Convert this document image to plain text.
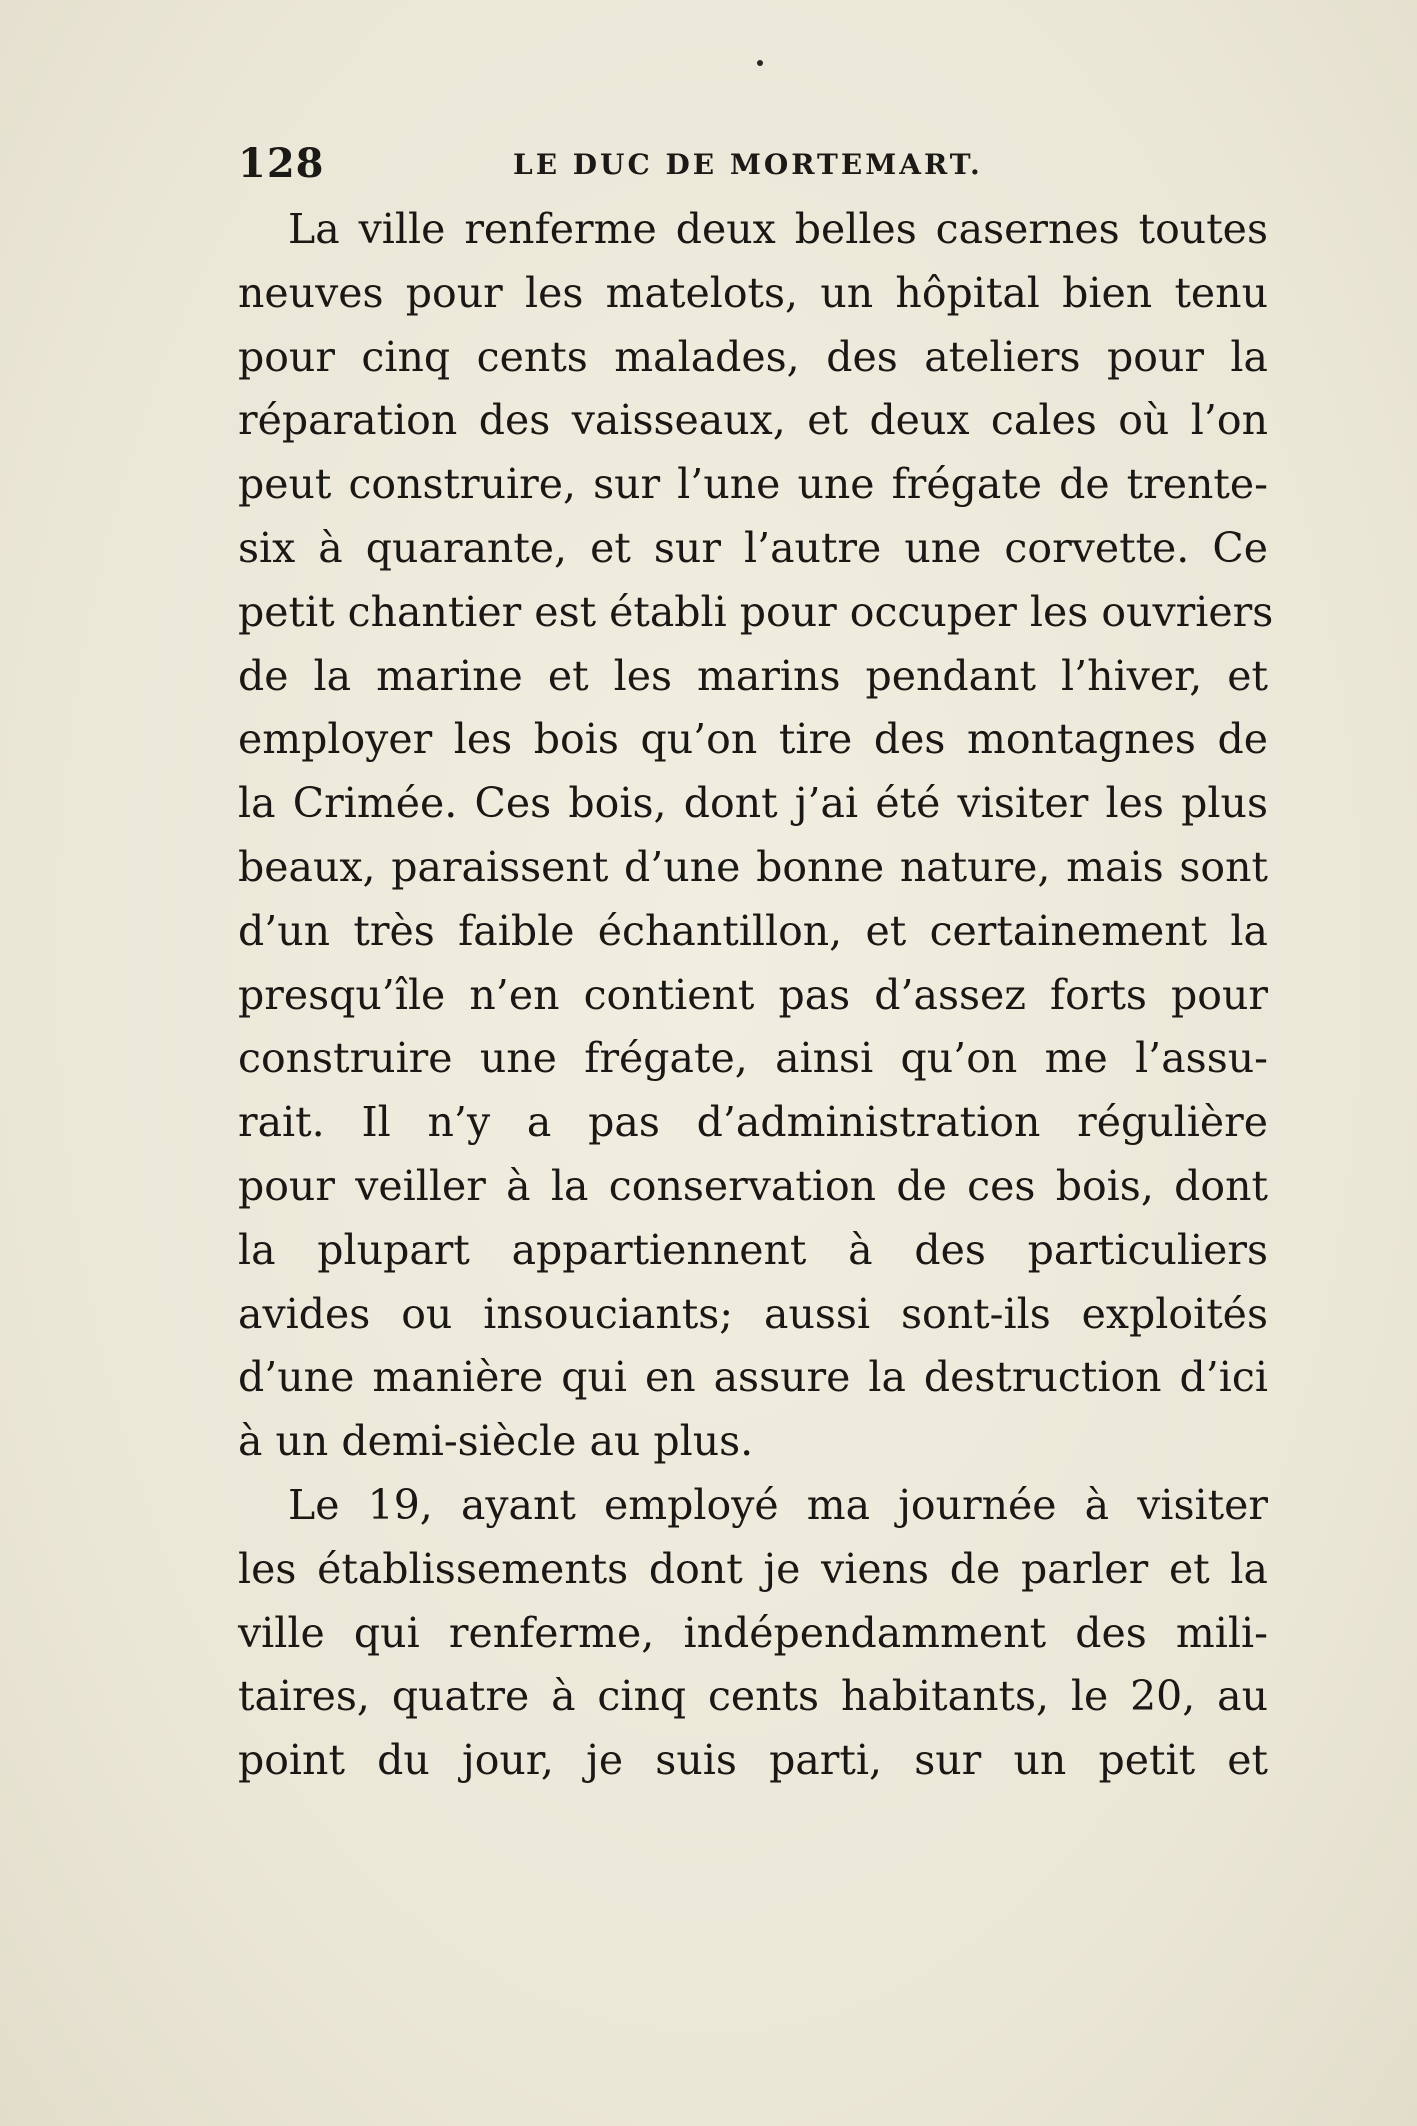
128	LE DUC DE MORTEMART.
La ville renferme deux belles casernes toutes
neuves pour les matelots, un hôpital bien tenu
pour cinq cents malades, des ateliers pour la
réparation des vaisseaux, et deux cales où l’on
peut construire, sur l’une une frégate de trente-
six à quarante, et sur l’autre une corvette. Ce
petit chantier est établi pour occuper les ouvriers
de la marine et les marins pendant l’hiver, et
employer les bois qu’on tire des montagnes de
la Crimée. Ces bois, dont j’ai été visiter les plus
beaux, paraissent d’une bonne nature, mais sont
d’un très faible échantillon, et certainement la
presqu’île n’en contient pas d’assez forts pour
construire une frégate, ainsi qu’on me l’assu-
rait. Il n’y a pas d’administration régulière
pour veiller à la conservation de ces bois, dont
la plupart appartiennent à des particuliers
avides ou insouciants; aussi sont-ils exploités
d’une manière qui en assure la destruction d’ici
à un demi-siècle au plus.
Le 19, ayant employé ma journée à visiter
les établissements dont je viens de parler et la
ville qui renferme, indépendamment des mili-
taires, quatre à cinq cents habitants, le 20, au
point du jour, je suis parti, sur un petit et
